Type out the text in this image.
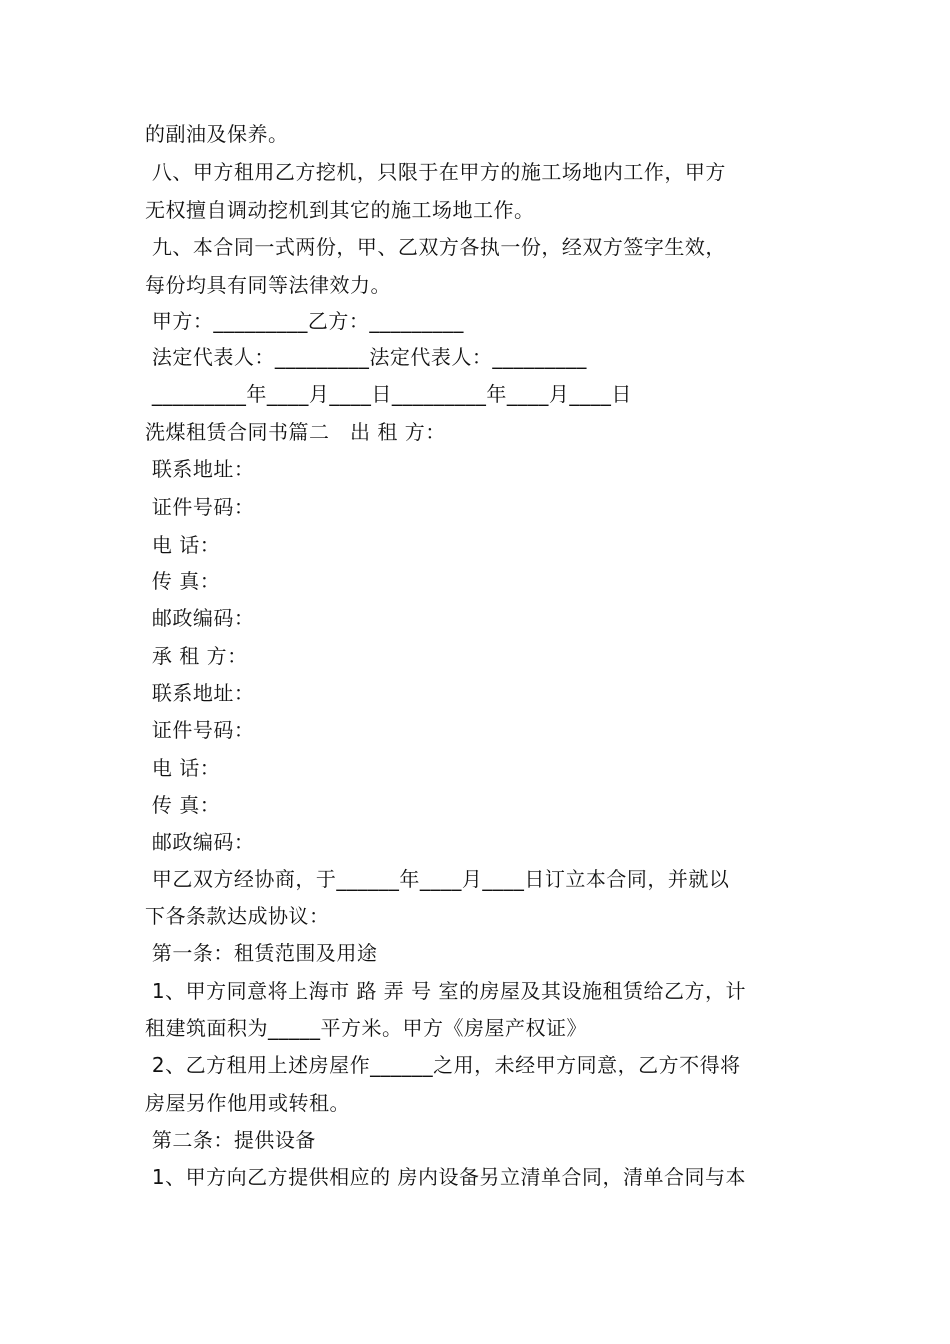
的副油及保养。
八、甲方租用乙方挖机，只限于在甲方的施工场地内工作，甲方
无权擅自调动挖机到其它的施工场地工作。
九、本合同一式两份，甲、乙双方各执一份，经双方签字生效，
每份均具有同等法律效力。
甲方：_________乙方：_________
法定代表人：_________法定代表人：_________
_________年____月____日_________年____月____日
洗煤租赁合同书篇二　出 租 方：
联系地址：
证件号码：
电 话：
传 真：
邮政编码：
承 租 方：
联系地址：
证件号码：
电 话：
传 真：
邮政编码：
甲乙双方经协商，于______年____月____日订立本合同，并就以
下各条款达成协议：
第一条：租赁范围及用途
1、甲方同意将上海市 路 弄 号 室的房屋及其设施租赁给乙方，计
租建筑面积为_____平方米。甲方《房屋产权证》
2、乙方租用上述房屋作______之用，未经甲方同意，乙方不得将
房屋另作他用或转租。
第二条：提供设备
1、甲方向乙方提供相应的 房内设备另立清单合同，清单合同与本
